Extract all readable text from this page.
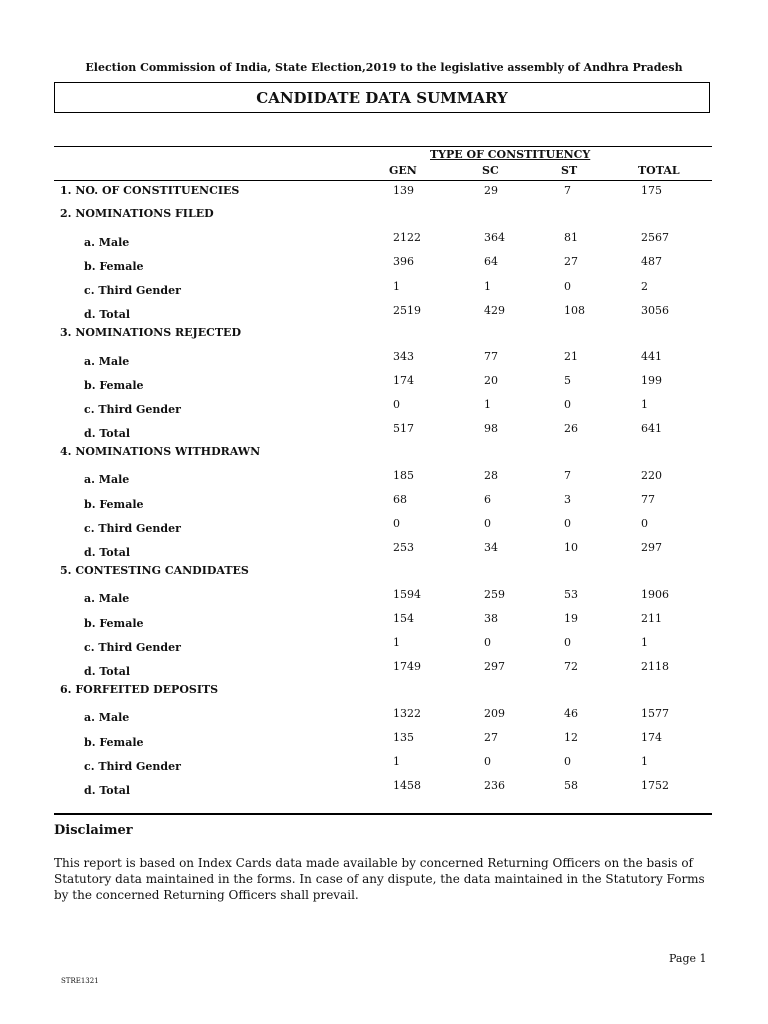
Election Commission of India, State Election,2019 to the legislative assembly of Andhra Pradesh
CANDIDATE DATA SUMMARY
TYPE OF CONSTITUENCY
GEN	SC	ST	TOTAL
1. NO. OF CONSTITUENCIES	139	29	7	175
2. NOMINATIONS FILED
a. Male	2122	364	81	2567
b. Female	396	64	27	487
c. Third Gender	1	1	0	2
d. Total	2519	429	108	3056
3. NOMINATIONS REJECTED
a. Male	343	77	21	441
b. Female	174	20	5	199
c. Third Gender	0	1	0	1
d. Total	517	98	26	641
4. NOMINATIONS WITHDRAWN
a. Male	185	28	7	220
b. Female	68	6	3	77
c. Third Gender	0	0	0	0
d. Total	253	34	10	297
5. CONTESTING CANDIDATES
a. Male	1594	259	53	1906
b. Female	154	38	19	211
c. Third Gender	1	0	0	1
d. Total	1749	297	72	2118
6. FORFEITED DEPOSITS
a. Male	1322	209	46	1577
b. Female	135	27	12	174
c. Third Gender	1	0	0	1
d. Total	1458	236	58	1752
Disclaimer
This report is based on Index Cards data made available by concerned Returning Officers on the basis of Statutory data maintained in the forms. In case of any dispute, the data maintained in the Statutory Forms by the concerned Returning Officers shall prevail.
Page 1
STRE1321
